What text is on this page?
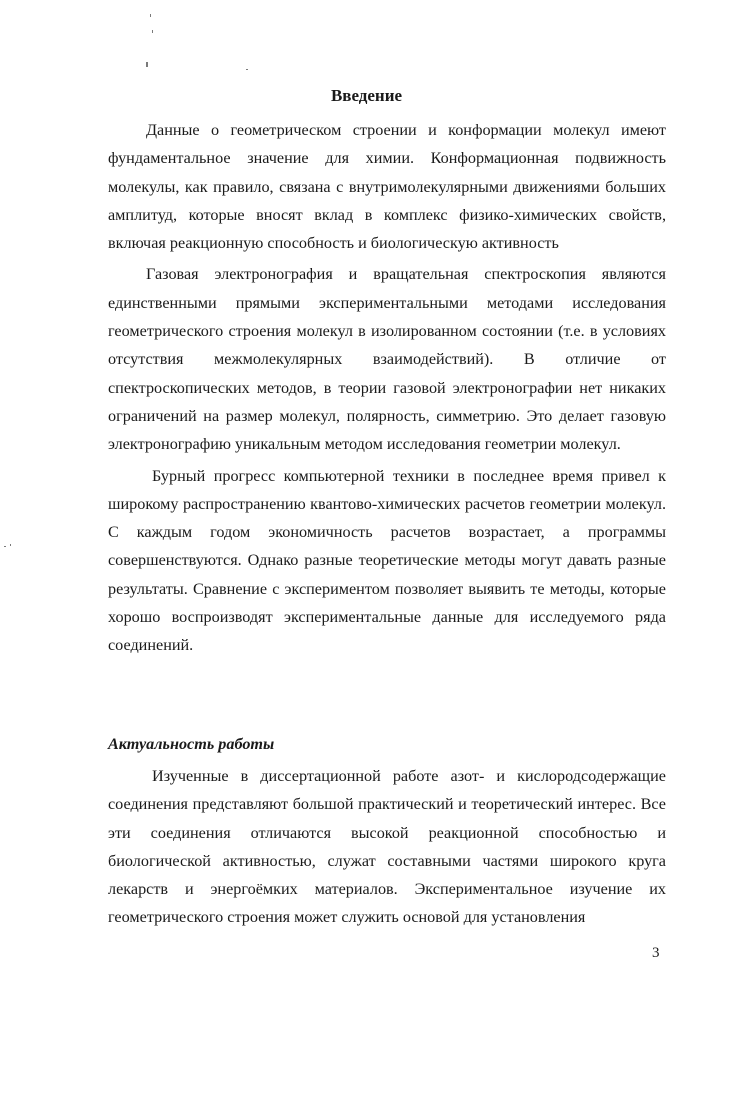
Введение

Данные о геометрическом строении и конформации молекул имеют фундаментальное значение для химии. Конформационная подвижность молекулы, как правило, связана с внутримолекулярными движениями больших амплитуд, которые вносят вклад в комплекс физико-химических свойств, включая реакционную способность и биологическую активность

Газовая электронография и вращательная спектроскопия являются единственными прямыми экспериментальными методами исследования геометрического строения молекул в изолированном состоянии (т.е. в условиях отсутствия межмолекулярных взаимодействий). В отличие от спектроскопических методов, в теории газовой электронографии нет никаких ограничений на размер молекул, полярность, симметрию. Это делает газовую электронографию уникальным методом исследования геометрии молекул.

Бурный прогресс компьютерной техники в последнее время привел к широкому распространению квантово-химических расчетов геометрии молекул. С каждым годом экономичность расчетов возрастает, а программы совершенствуются. Однако разные теоретические методы могут давать разные результаты. Сравнение с экспериментом позволяет выявить те методы, которые хорошо воспроизводят экспериментальные данные для исследуемого ряда соединений.

Актуальность работы

Изученные в диссертационной работе азот- и кислородсодержащие соединения представляют большой практический и теоретический интерес. Все эти соединения отличаются высокой реакционной способностью и биологической активностью, служат составными частями широкого круга лекарств и энергоёмких материалов. Экспериментальное изучение их геометрического строения может служить основой для установления

3
